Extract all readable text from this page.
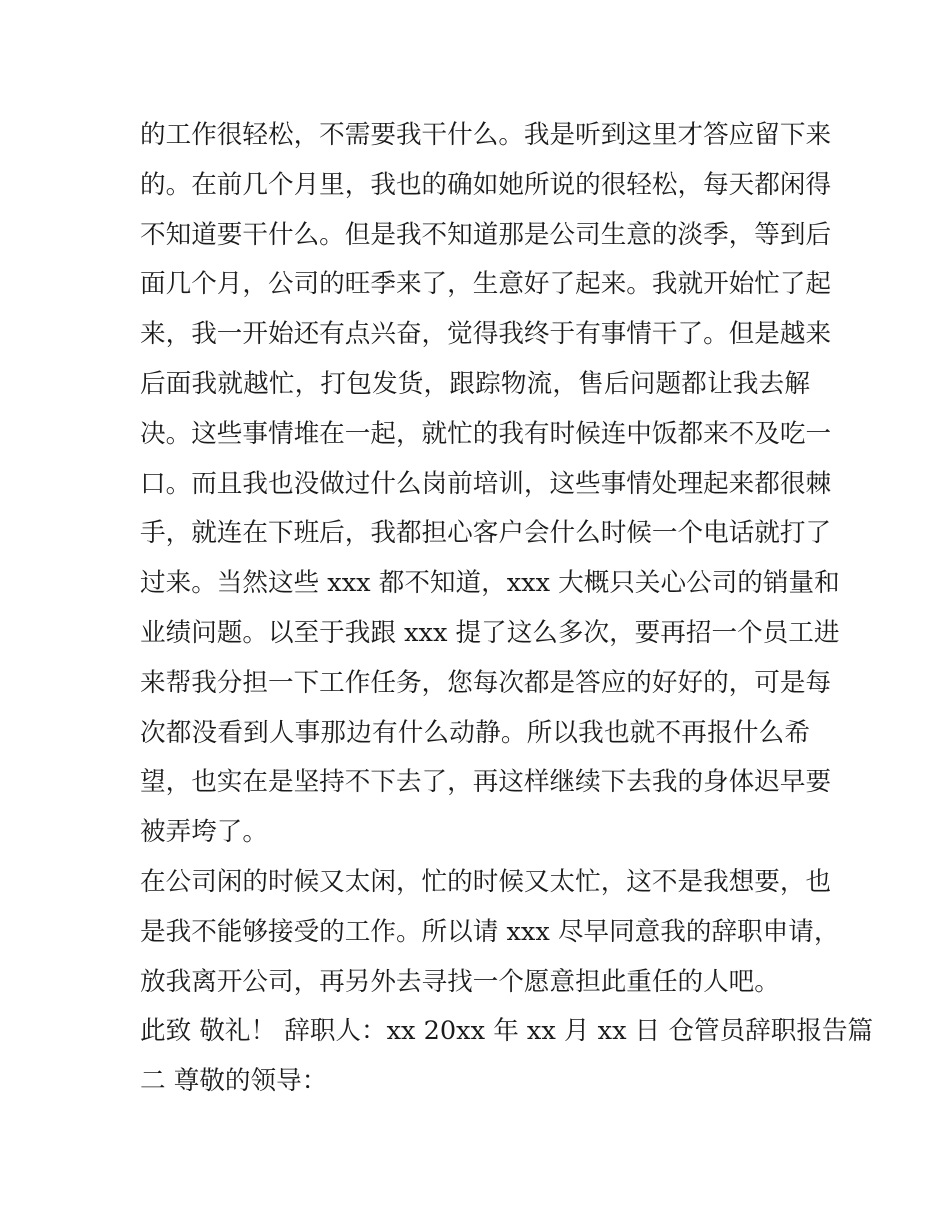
的工作很轻松，不需要我干什么。我是听到这里才答应留下来
的。在前几个月里，我也的确如她所说的很轻松，每天都闲得
不知道要干什么。但是我不知道那是公司生意的淡季，等到后
面几个月，公司的旺季来了，生意好了起来。我就开始忙了起
来，我一开始还有点兴奋，觉得我终于有事情干了。但是越来
后面我就越忙，打包发货，跟踪物流，售后问题都让我去解
决。这些事情堆在一起，就忙的我有时候连中饭都来不及吃一
口。而且我也没做过什么岗前培训，这些事情处理起来都很棘
手，就连在下班后，我都担心客户会什么时候一个电话就打了
过来。当然这些 xxx 都不知道，xxx 大概只关心公司的销量和
业绩问题。以至于我跟 xxx 提了这么多次，要再招一个员工进
来帮我分担一下工作任务，您每次都是答应的好好的，可是每
次都没看到人事那边有什么动静。所以我也就不再报什么希
望，也实在是坚持不下去了，再这样继续下去我的身体迟早要
被弄垮了。
在公司闲的时候又太闲，忙的时候又太忙，这不是我想要，也
是我不能够接受的工作。所以请 xxx 尽早同意我的辞职申请，
放我离开公司，再另外去寻找一个愿意担此重任的人吧。
此致 敬礼！ 辞职人：xx 20xx 年 xx 月 xx 日 仓管员辞职报告篇
二 尊敬的领导：
